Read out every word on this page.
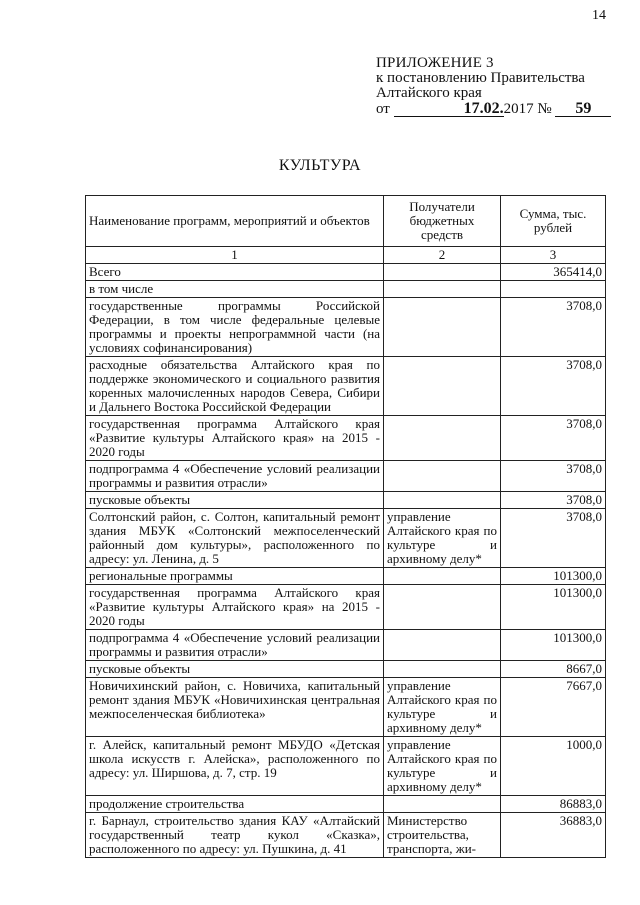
14
ПРИЛОЖЕНИЕ 3
к постановлению Правительства
Алтайского края
от	17.02.2017 № 59
КУЛЬТУРА
Наименование программ, мероприятий и объектов	Получатели бюджетных средств	Сумма, тыс. рублей
1	2	3
Всего		365414,0
в том числе		
государственные программы Российской Федерации, в том числе федеральные целевые программы и проекты непрограммной части (на условиях софинансирования)		3708,0
расходные обязательства Алтайского края по поддержке экономического и социального развития коренных малочисленных народов Севера, Сибири и Дальнего Востока Российской Федерации		3708,0
государственная программа Алтайского края «Развитие культуры Алтайского края» на 2015 - 2020 годы		3708,0
подпрограмма 4 «Обеспечение условий реализации программы и развития отрасли»		3708,0
пусковые объекты		3708,0
Солтонский район, с. Солтон, капитальный ремонт здания МБУК «Солтонский межпоселенческий районный дом культуры», расположенного по адресу: ул. Ленина, д. 5	управление Алтайского края по культуре и архивному делу*	3708,0
региональные программы		101300,0
государственная программа Алтайского края «Развитие культуры Алтайского края» на 2015 - 2020 годы		101300,0
подпрограмма 4 «Обеспечение условий реализации программы и развития отрасли»		101300,0
пусковые объекты		8667,0
Новичихинский район, с. Новичиха, капитальный ремонт здания МБУК «Новичихинская центральная межпоселенческая библиотека»	управление Алтайского края по культуре и архивному делу*	7667,0
г. Алейск, капитальный ремонт МБУДО «Детская школа искусств г. Алейска», расположенного по адресу: ул. Ширшова, д. 7, стр. 19	управление Алтайского края по культуре и архивному делу*	1000,0
продолжение строительства		86883,0
г. Барнаул, строительство здания КАУ «Алтайский государственный театр кукол «Сказка», расположенного по адресу: ул. Пушкина, д. 41	Министерство строительства, транспорта, жи-	36883,0
